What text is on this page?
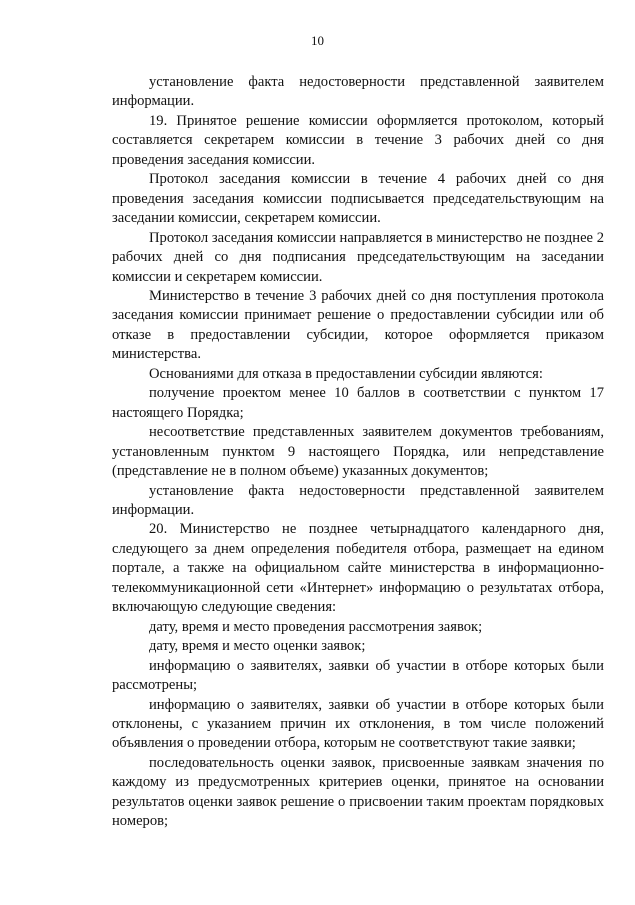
10

установление факта недостоверности представленной заявителем информации.

19. Принятое решение комиссии оформляется протоколом, который составляется секретарем комиссии в течение 3 рабочих дней со дня проведения заседания комиссии.

Протокол заседания комиссии в течение 4 рабочих дней со дня проведения заседания комиссии подписывается председательствующим на заседании комиссии, секретарем комиссии.

Протокол заседания комиссии направляется в министерство не позднее 2 рабочих дней со дня подписания председательствующим на заседании комиссии и секретарем комиссии.

Министерство в течение 3 рабочих дней со дня поступления протокола заседания комиссии принимает решение о предоставлении субсидии или об отказе в предоставлении субсидии, которое оформляется приказом министерства.

Основаниями для отказа в предоставлении субсидии являются:

получение проектом менее 10 баллов в соответствии с пунктом 17 настоящего Порядка;

несоответствие представленных заявителем документов требованиям, установленным пунктом 9 настоящего Порядка, или непредставление (представление не в полном объеме) указанных документов;

установление факта недостоверности представленной заявителем информации.

20. Министерство не позднее четырнадцатого календарного дня, следующего за днем определения победителя отбора, размещает на едином портале, а также на официальном сайте министерства в информационно-телекоммуникационной сети «Интернет» информацию о результатах отбора, включающую следующие сведения:

дату, время и место проведения рассмотрения заявок;

дату, время и место оценки заявок;

информацию о заявителях, заявки об участии в отборе которых были рассмотрены;

информацию о заявителях, заявки об участии в отборе которых были отклонены, с указанием причин их отклонения, в том числе положений объявления о проведении отбора, которым не соответствуют такие заявки;

последовательность оценки заявок, присвоенные заявкам значения по каждому из предусмотренных критериев оценки, принятое на основании результатов оценки заявок решение о присвоении таким проектам порядковых номеров;
